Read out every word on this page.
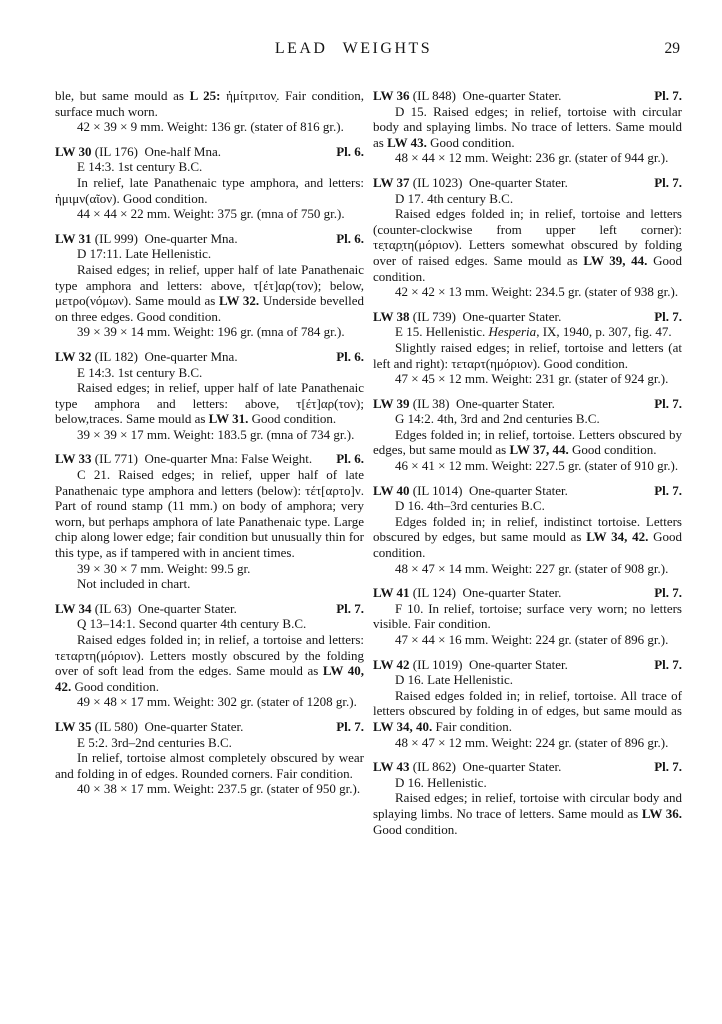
LEAD WEIGHTS	29

ble, but same mould as L 25: ἡμίτριτον̣. Fair condition, surface much worn.

42 × 39 × 9 mm. Weight: 136 gr. (stater of 816 gr.).

LW 30 (IL 176) One-half Mna.	Pl. 6.

E 14:3. 1st century B.C.

In relief, late Panathenaic type amphora, and letters: ἡμιμν(αῖον). Good condition.

44 × 44 × 22 mm. Weight: 375 gr. (mna of 750 gr.).

LW 31 (IL 999) One-quarter Mna.	Pl. 6.

D 17:11. Late Hellenistic.

Raised edges; in relief, upper half of late Panathenaic type amphora and letters: above, τ[έτ]αρ(τον); below, μετρο(νόμων). Same mould as LW 32. Underside bevelled on three edges. Good condition.

39 × 39 × 14 mm. Weight: 196 gr. (mna of 784 gr.).

LW 32 (IL 182) One-quarter Mna.	Pl. 6.

E 14:3. 1st century B.C.

Raised edges; in relief, upper half of late Panathenaic type amphora and letters: above, τ[έτ]αρ(τον); below,traces. Same mould as LW 31. Good condition.

39 × 39 × 17 mm. Weight: 183.5 gr. (mna of 734 gr.).

LW 33 (IL 771) One-quarter Mna: False Weight.	Pl. 6.

C 21. Raised edges; in relief, upper half of late Panathenaic type amphora and letters (below): τέτ[αρτο]ν. Part of round stamp (11 mm.) on body of amphora; very worn, but perhaps amphora of late Panathenaic type. Large chip along lower edge; fair condition but unusually thin for this type, as if tampered with in ancient times.

39 × 30 × 7 mm. Weight: 99.5 gr.

Not included in chart.

LW 34 (IL 63) One-quarter Stater.	Pl. 7.

Q 13–14:1. Second quarter 4th century B.C.

Raised edges folded in; in relief, a tortoise and letters: τεταρτη(μόριον). Letters mostly obscured by the folding over of soft lead from the edges. Same mould as LW 40, 42. Good condition.

49 × 48 × 17 mm. Weight: 302 gr. (stater of 1208 gr.).

LW 35 (IL 580) One-quarter Stater.	Pl. 7.

E 5:2. 3rd–2nd centuries B.C.

In relief, tortoise almost completely obscured by wear and folding in of edges. Rounded corners. Fair condition.

40 × 38 × 17 mm. Weight: 237.5 gr. (stater of 950 gr.).

LW 36 (IL 848) One-quarter Stater.	Pl. 7.

D 15. Raised edges; in relief, tortoise with circular body and splaying limbs. No trace of letters. Same mould as LW 43. Good condition.

48 × 44 × 12 mm. Weight: 236 gr. (stater of 944 gr.).

LW 37 (IL 1023) One-quarter Stater.	Pl. 7.

D 17. 4th century B.C.

Raised edges folded in; in relief, tortoise and letters (counter-clockwise from upper left corner): τε̣τα̣ρ̣τη(μόριον). Letters somewhat obscured by folding over of raised edges. Same mould as LW 39, 44. Good condition.

42 × 42 × 13 mm. Weight: 234.5 gr. (stater of 938 gr.).

LW 38 (IL 739) One-quarter Stater.	Pl. 7.

E 15. Hellenistic. Hesperia, IX, 1940, p. 307, fig. 47.

Slightly raised edges; in relief, tortoise and letters (at left and right): τεταρτ(ημόριον). Good condition.

47 × 45 × 12 mm. Weight: 231 gr. (stater of 924 gr.).

LW 39 (IL 38) One-quarter Stater.	Pl. 7.

G 14:2. 4th, 3rd and 2nd centuries B.C.

Edges folded in; in relief, tortoise. Letters obscured by edges, but same mould as LW 37, 44. Good condition.

46 × 41 × 12 mm. Weight: 227.5 gr. (stater of 910 gr.).

LW 40 (IL 1014) One-quarter Stater.	Pl. 7.

D 16. 4th–3rd centuries B.C.

Edges folded in; in relief, indistinct tortoise. Letters obscured by edges, but same mould as LW 34, 42. Good condition.

48 × 47 × 14 mm. Weight: 227 gr. (stater of 908 gr.).

LW 41 (IL 124) One-quarter Stater.	Pl. 7.

F 10. In relief, tortoise; surface very worn; no letters visible. Fair condition.

47 × 44 × 16 mm. Weight: 224 gr. (stater of 896 gr.).

LW 42 (IL 1019) One-quarter Stater.	Pl. 7.

D 16. Late Hellenistic.

Raised edges folded in; in relief, tortoise. All trace of letters obscured by folding in of edges, but same mould as LW 34, 40. Fair condition.

48 × 47 × 12 mm. Weight: 224 gr. (stater of 896 gr.).

LW 43 (IL 862) One-quarter Stater.	Pl. 7.

D 16. Hellenistic.

Raised edges; in relief, tortoise with circular body and splaying limbs. No trace of letters. Same mould as LW 36. Good condition.
